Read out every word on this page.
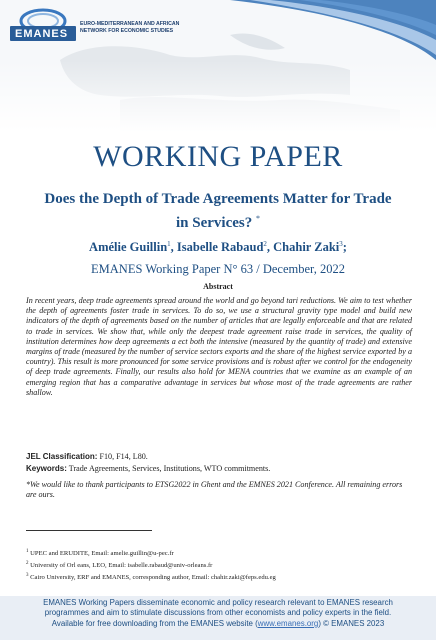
EMANES
EURO-MEDITERRANEAN AND AFRICAN NETWORK FOR ECONOMIC STUDIES
WORKING PAPER
Does the Depth of Trade Agreements Matter for Trade in Services? *
Amélie Guillin$^1$, Isabelle Rabaud$^2$, Chahir Zaki$^3$;
EMANES Working Paper N° 63 / December, 2022
Abstract

In recent years, deep trade agreements spread around the world and go beyond tari reductions. We aim to test whether the depth of agreements foster trade in services. To do so, we use a structural gravity type model and build new indicators of the depth of agreements based on the number of articles that are legally enforceable and that are related to trade in services. We show that, while only the deepest trade agreement raise trade in services, the quality of institution determines how deep agreements a ect both the intensive (measured by the quantity of trade) and extensive margins of trade (measured by the number of service sectors exports and the share of the highest service exported by a country). This result is more pronounced for some service provisions and is robust after we control for the endogeneity of deep trade agreements. Finally, our results also hold for MENA countries that we examine as an example of an emerging region that has a comparative advantage in services but whose most of the trade agreements are rather shallow.

JEL Classification: F10, F14, L80.
Keywords: Trade Agreements, Services, Institutions, WTO commitments.
*We would like to thank participants to ETSG2022 in Ghent and the EMNES 2021 Conference. All remaining errors are ours.
$^1$ UPEC and ERUDITE, Email: amelie.guillin@u-pec.fr
$^2$ University of Orl eans, LEO, Email: isabelle.rabaud@univ-orleans.fr
$^3$ Cairo University, ERF and EMANES, corresponding author, Email: chahir.zaki@feps.edu.eg
EMANES Working Papers disseminate economic and policy research relevant to EMANES research
programmes and aim to stimulate discussions from other economists and policy experts in the field.
Available for free downloading from the EMANES website (www.emanes.org) © EMANES 2023
